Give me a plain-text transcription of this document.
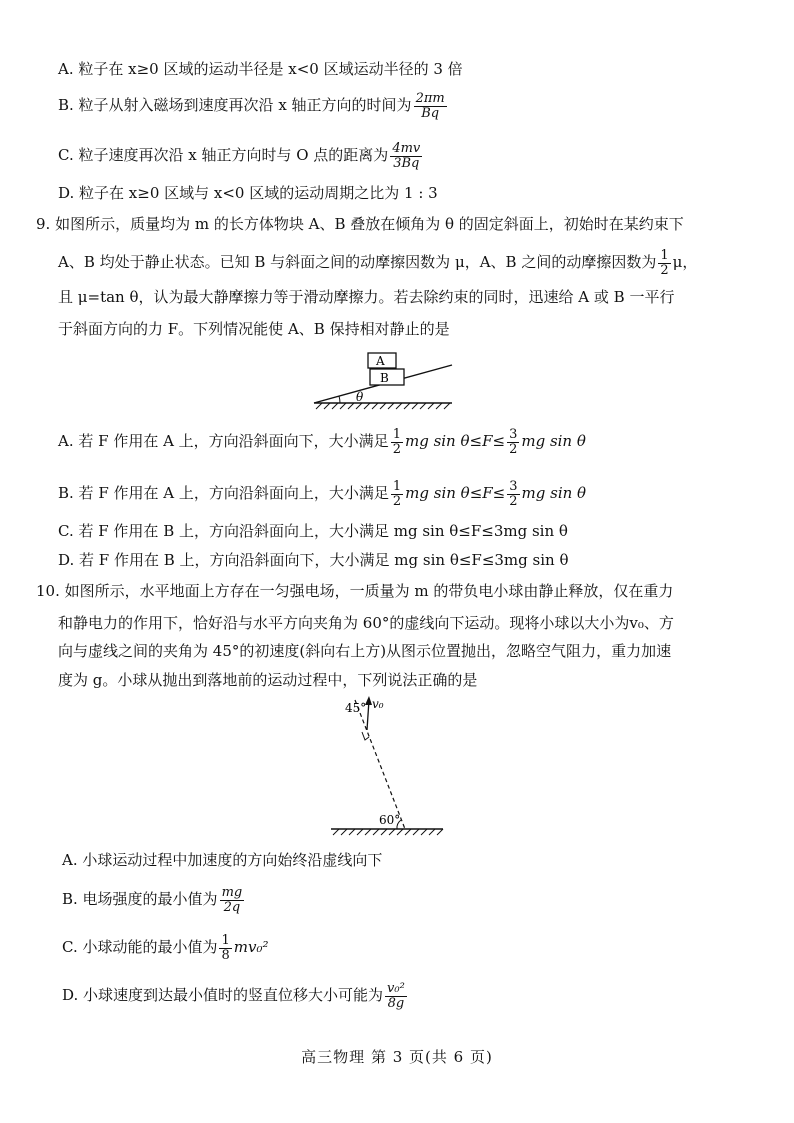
A. 粒子在 x≥0 区域的运动半径是 x<0 区域运动半径的 3 倍
B. 粒子从射入磁场到速度再次沿 x 轴正方向的时间为 $\frac{2\pi m}{Bq}$
C. 粒子速度再次沿 x 轴正方向时与 O 点的距离为 $\frac{4mv}{3Bq}$
D. 粒子在 x≥0 区域与 x<0 区域的运动周期之比为 1 : 3
9. 如图所示，质量均为 m 的长方体物块 A、B 叠放在倾角为 θ 的固定斜面上，初始时在某约束下
A、B 均处于静止状态。已知 B 与斜面之间的动摩擦因数为 μ，A、B 之间的动摩擦因数为 $\frac{1}{2}$ μ，
且 μ=tan θ，认为最大静摩擦力等于滑动摩擦力。若去除约束的同时，迅速给 A 或 B 一平行
于斜面方向的力 F。下列情况能使 A、B 保持相对静止的是
A
B
θ
A. 若 F 作用在 A 上，方向沿斜面向下，大小满足 $\frac{1}{2}$ mg $\sin \theta\le F\le \frac{3}{2}$ mg sin θ
B. 若 F 作用在 A 上，方向沿斜面向上，大小满足 $\frac{1}{2}$ mg $\sin \theta\le F\le \frac{3}{2}$ mg sin θ
C. 若 F 作用在 B 上，方向沿斜面向上，大小满足 mg sin θ≤F≤3mg sin θ
D. 若 F 作用在 B 上，方向沿斜面向下，大小满足 mg sin θ≤F≤3mg sin θ
10. 如图所示，水平地面上方存在一匀强电场，一质量为 m 的带负电小球由静止释放，仅在重力
和静电力的作用下，恰好沿与水平方向夹角为 60°的虚线向下运动。现将小球以大小为v₀、方
向与虚线之间的夹角为 45°的初速度(斜向右上方)从图示位置抛出，忽略空气阻力，重力加速
度为 g。小球从抛出到落地前的运动过程中，下列说法正确的是
45° v₀
60°
A. 小球运动过程中加速度的方向始终沿虚线向下
B. 电场强度的最小值为 $\frac{mg}{2q}$
C. 小球动能的最小值为 $\frac{1}{8} mv_0^2$
D. 小球速度到达最小值时的竖直位移大小可能为 $\frac{\text{v₀²}}{8g}$
高三物理 第 3 页(共 6 页)
